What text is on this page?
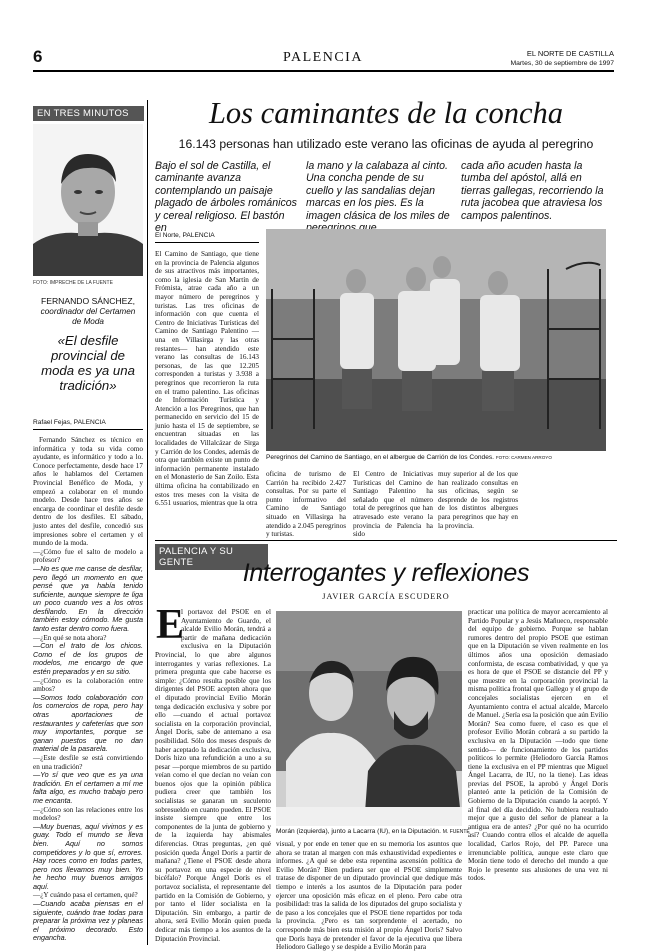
6	PALENCIA	EL NORTE DE CASTILLA
Martes, 30 de septiembre de 1997
EN TRES MINUTOS
FOTO: IMPRECHE DE LA FUENTE
FERNANDO SÁNCHEZ,
coordinador del Certamen de Moda
«El desfile provincial de moda es ya una tradición»
Rafael Fejas, PALENCIA

Fernando Sánchez es técnico en informática y toda su vida como ayudante, es informático y todo a lo. Conoce perfectamente, desde hace 17 años le hablamos del Certamen Provincial Benéfico de Moda, y empezó a colaborar en el mundo modelo. Desde hace tres años se encarga de coordinar el desfile desde dentro de los desfiles. El sábado, justo antes del desfile, concedió sus impresiones sobre el certamen y el mundo de la moda.

—¿Cómo fue el salto de modelo a profesor?

—No es que me canse de desfilar, pero llegó un momento en que pensé que ya había tenido suficiente, aunque siempre te liga un poco cuando ves a los otros desfilando. En la dirección también estoy cómodo. Me gusta tanto estar dentro como fuera.

—¿En qué se nota ahora?

—Con el trato de los chicos. Como el de los grupos de modelos, me encargo de que estén preparados y en su sitio.

—¿Cómo es la colaboración entre ambos?

—Somos todo colaboración con los comercios de ropa, pero hay otras aportaciones de restaurantes y cafeterías que son muy importantes, porque se ganan puestos que no dan material de la pasarela.

—¿Este desfile se está convirtiendo en una tradición?

—Yo sí que veo que es ya una tradición. En el certamen a mí me falta algo, es mucho trabajo pero me encanta.

—¿Cómo son las relaciones entre los modelos?

—Muy buenas, aquí vivimos y es guay. Todo el mundo se lleva bien. Aquí no somos competidores y lo que sí, errores. Hay roces como en todas partes, pero nos llevamos muy bien. Yo he hecho muy buenos amigos aquí.

—¿Y cuándo pasa el certamen, qué?

—Cuando acaba piensas en el siguiente, cuándo trae todas para preparar la próxima vez y planeas el próximo decorado. Esto engancha.

Los caminantes de la concha
16.143 personas han utilizado este verano las oficinas de ayuda al peregrino
Bajo el sol de Castilla, el caminante avanza contemplando un paisaje plagado de árboles románicos y cereal religioso. El bastón en
la mano y la calabaza al cinto. Una concha pende de su cuello y las sandalias dejan marcas en los pies. Es la imagen clásica de los miles de
cada año acuden hasta la tumba del apóstol, allá en tierras gallegas, recorriendo la ruta jacobea que atraviesa los campos palentinos.
El Norte, PALENCIA
El Camino de Santiago, que tiene en la provincia de Palencia algunos de sus atractivos más importantes, como la iglesia de San Martín de Frómista, atrae cada año a un mayor número de peregrinos y turistas. Las tres oficinas de información con que cuenta el Centro de Iniciativas Turísticas del Camino de Santiago Palentino —una en Villasirga y las otras restantes— han atendido este verano las consultas de 16.143 personas, de las que 12.205 corresponden a turistas y 3.938 a peregrinos que recorrieron la ruta en el tramo palentino. Las oficinas de Información Turística y Atención a los Peregrinos, que han permanecido en servicio del 15 de junio hasta el 15 de septiembre, se encuentran situadas en las localidades de Villalcázar de Sirga y Carrión de los Condes, además de otra que también existe un punto de información permanente instalado en el Monasterio de San Zoilo. Esta última oficina ha contabilizado en estos tres meses con la visita de 6.551 usuarios, mientras que la otra
Peregrinos del Camino de Santiago, en el albergue de Carrión de los Condes. FOTO: CARMEN ARROYO
oficina de turismo de Carrión ha recibido 2.427 consultas. Por su parte el punto informativo del Camino de Santiago situado en Villasirga ha atendido a 2.045 peregrinos y turistas.
El Centro de Iniciativas Turísticas del Camino de Santiago Palentino ha señalado que el número total de peregrinos que han atravesado este verano la provincia de Palencia ha sido
muy superior al de los que han realizado consultas en sus oficinas, según se desprende de los registros de los distintos albergues para peregrinos que hay en la provincia.
PALENCIA Y SU GENTE	Interrogantes y reflexiones
JAVIER GARCÍA ESCUDERO
E
l portavoz del PSOE en el Ayuntamiento de Guardo, el alcalde Evilio Morán, tendrá a partir de mañana dedicación exclusiva en la Diputación Provincial, lo que abre algunos interrogantes y varias reflexiones. La primera pregunta que cabe hacerse es simple: ¿Cómo resulta posible que los dirigentes del PSOE acepten ahora que el diputado provincial Evilio Morán tenga dedicación exclusiva y sobre por ello —cuando el actual portavoz socialista en la corporación provincial, Ángel Dorís, sabe de antemano a esa posibilidad. Sólo dos meses después de haber aceptado la dedicación exclusiva, Dorís hizo una refundición a uno a su pesar —porque miembros de su partido veían como el que decían no veían con buenos ojos que la opinión pública pudiera creer que también los socialistas se ganaran un suculento sobresueldo en cuanto pueden. El PSOE insiste siempre que entre los componentes de la junta de gobierno y de la izquierda hay abismales diferencias. Otras preguntas, ¿en qué posición queda Ángel Dorís a partir de mañana? ¿Tiene el PSOE desde ahora su portavoz en una especie de nivel bicéfalo? Porque Ángel Dorís es el portavoz socialista, el representante del partido en la Comisión de Gobierno, y por tanto el líder socialista en la Diputación. Sin embargo, a partir de ahora, será Evilio Morán quien pueda dedicar más tiempo a los asuntos de la Diputación Provincial.
Morán (izquierda), junto a Lacarra (IU), en la Diputación. M. FUENTE
visual, y por ende en tener que en su memoria los asuntos que ahora se tratan al margen con más exhaustividad expedientes e informes. ¿A qué se debe esta repentina ascensión política de Evilio Morán? Bien pudiera ser que el PSOE simplemente tratase de disponer de un diputado provincial que dedique más tiempo e interés a los asuntos de la Diputación para poder ejercer una oposición más eficaz en el pleno. Pero cabe otra posibilidad: tras la salida de los diputados del grupo socialista y de paso a los concejales que el PSOE tiene repartidos por toda la provincia. ¿Pero es tan sorprendente el acertado, no corresponde más bien esta misión al propio Ángel Dorís? Salvo que Dorís haya de pretender el favor de la ejecutiva que libera Heliodoro Gallego y se despide a Evilio Morán para
practicar una política de mayor acercamiento al Partido Popular y a Jesús Mañueco, responsable del equipo de gobierno. Porque se hablan rumores dentro del propio PSOE que estiman que en la Diputación se viven realmente en los últimos años una oposición demasiado conformista, de escasa combatividad, y que ya es hora de que el PSOE se distancie del PP y que muestre en la corporación provincial la misma política frontal que Gallego y el grupo de concejales socialistas ejercen en el Ayuntamiento contra el actual alcalde, Marcelo de Manuel. ¿Sería esa la posición que aún Evilio Morán? Sea como fuere, el caso es que el profesor Evilio Morán cobrará a su partido la exclusiva en la Diputación —todo que tiene sentido— de funcionamiento de los partidos políticos lo permite (Heliodoro García Ramos tiene la exclusiva en el PP mientras que Miguel Ángel Lacarra, de IU, no la tiene). Las ideas previas del PSOE, la aprobó y Ángel Dorís planteó ante la petición de la Comisión de Gobierno de la Diputación cuando la aceptó. Y al final del día decidido. No hubiera resultado mejor que a gusto del señor de planear a la antigua era de antes? ¿Por qué no ha ocurrido así? Cuando contra ellos el alcalde de aquella localidad, Carlos Rojo, del PP. Parece una irrenunciable política, aunque este claro que Morán tiene todo el derecho del mundo a que Rojo le presente sus alusiones de una vez ni todos.
